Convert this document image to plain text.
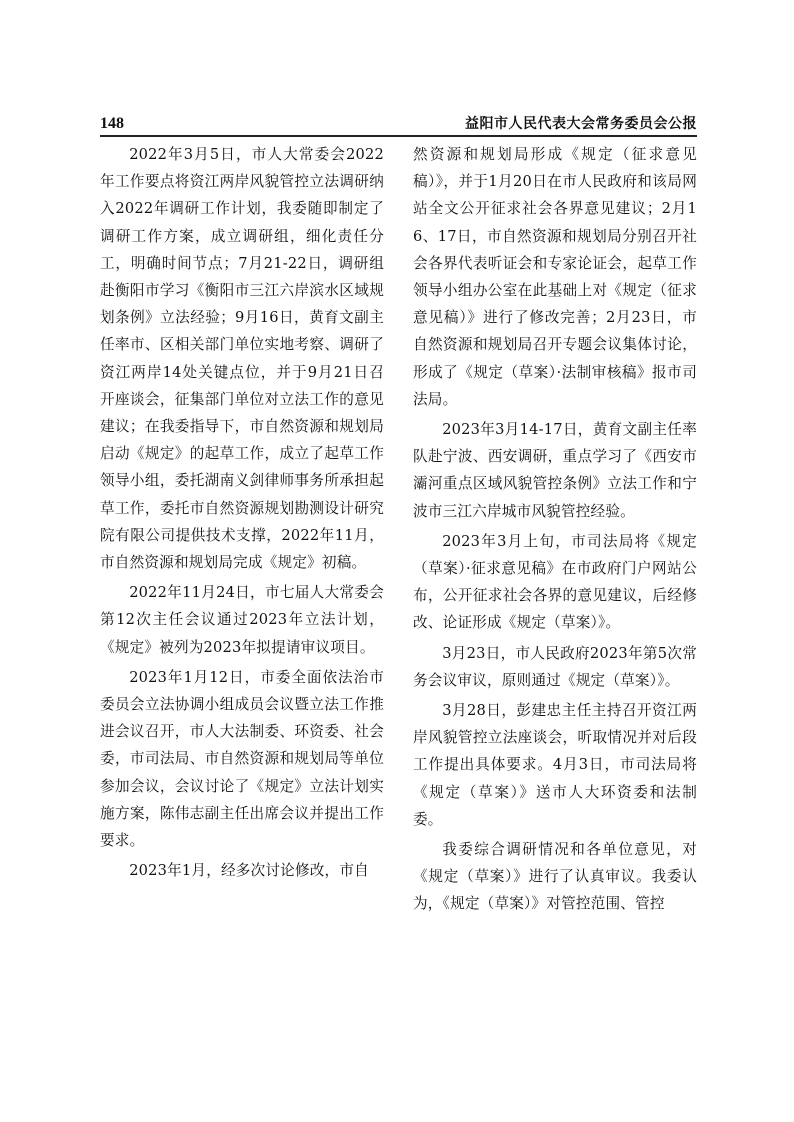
148	益阳市人民代表大会常务委员会公报

2022年3月5日，市人大常委会2022年工作要点将资江两岸风貌管控立法调研纳入2022年调研工作计划，我委随即制定了调研工作方案，成立调研组，细化责任分工，明确时间节点；7月21-22日，调研组赴衡阳市学习《衡阳市三江六岸滨水区域规划条例》立法经验；9月16日，黄育文副主任率市、区相关部门单位实地考察、调研了资江两岸14处关键点位，并于9月21日召开座谈会，征集部门单位对立法工作的意见建议；在我委指导下，市自然资源和规划局启动《规定》的起草工作，成立了起草工作领导小组，委托湖南义剑律师事务所承担起草工作，委托市自然资源规划勘测设计研究院有限公司提供技术支撑，2022年11月，市自然资源和规划局完成《规定》初稿。

2022年11月24日，市七届人大常委会第12次主任会议通过2023年立法计划，《规定》被列为2023年拟提请审议项目。

2023年1月12日，市委全面依法治市委员会立法协调小组成员会议暨立法工作推进会议召开，市人大法制委、环资委、社会委，市司法局、市自然资源和规划局等单位参加会议，会议讨论了《规定》立法计划实施方案，陈伟志副主任出席会议并提出工作要求。

2023年1月，经多次讨论修改，市自

然资源和规划局形成《规定（征求意见稿）》，并于1月20日在市人民政府和该局网站全文公开征求社会各界意见建议；2月16、17日，市自然资源和规划局分别召开社会各界代表听证会和专家论证会，起草工作领导小组办公室在此基础上对《规定（征求意见稿）》进行了修改完善；2月23日，市自然资源和规划局召开专题会议集体讨论，形成了《规定（草案）·法制审核稿》报市司法局。

2023年3月14-17日，黄育文副主任率队赴宁波、西安调研，重点学习了《西安市灞河重点区域风貌管控条例》立法工作和宁波市三江六岸城市风貌管控经验。

2023年3月上旬，市司法局将《规定（草案）·征求意见稿》在市政府门户网站公布，公开征求社会各界的意见建议，后经修改、论证形成《规定（草案）》。

3月23日，市人民政府2023年第5次常务会议审议，原则通过《规定（草案）》。

3月28日，彭建忠主任主持召开资江两岸风貌管控立法座谈会，听取情况并对后段工作提出具体要求。4月3日，市司法局将《规定（草案）》送市人大环资委和法制委。

我委综合调研情况和各单位意见，对《规定（草案）》进行了认真审议。我委认为，《规定（草案）》对管控范围、管控
